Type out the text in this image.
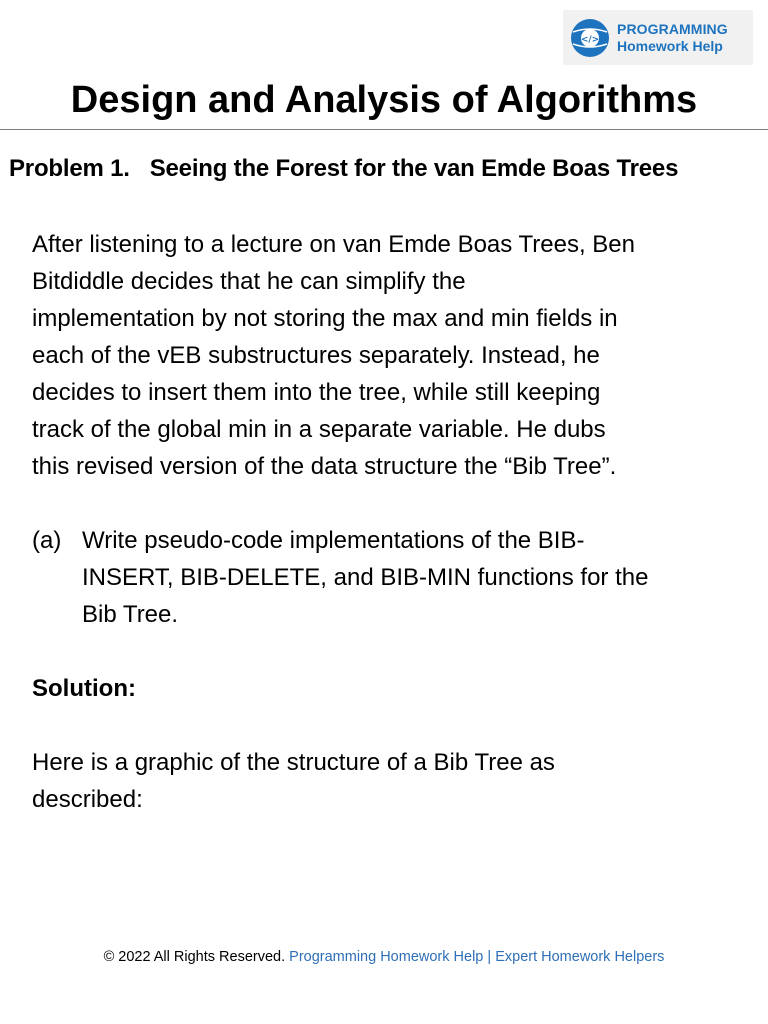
</>
PROGRAMMING
Homework Help
Design and Analysis of Algorithms
Problem 1. Seeing the Forest for the van Emde Boas Trees

After listening to a lecture on van Emde Boas Trees, Ben
Bitdiddle decides that he can simplify the
implementation by not storing the max and min fields in
each of the vEB substructures separately. Instead, he
decides to insert them into the tree, while still keeping
track of the global min in a separate variable. He dubs
this revised version of the data structure the “Bib Tree”.

(a) Write pseudo-code implementations of the BIB-
INSERT, BIB-DELETE, and BIB-MIN functions for the
Bib Tree.
Solution:

Here is a graphic of the structure of a Bib Tree as
described:

© 2022 All Rights Reserved. Programming Homework Help | Expert Homework Helpers
